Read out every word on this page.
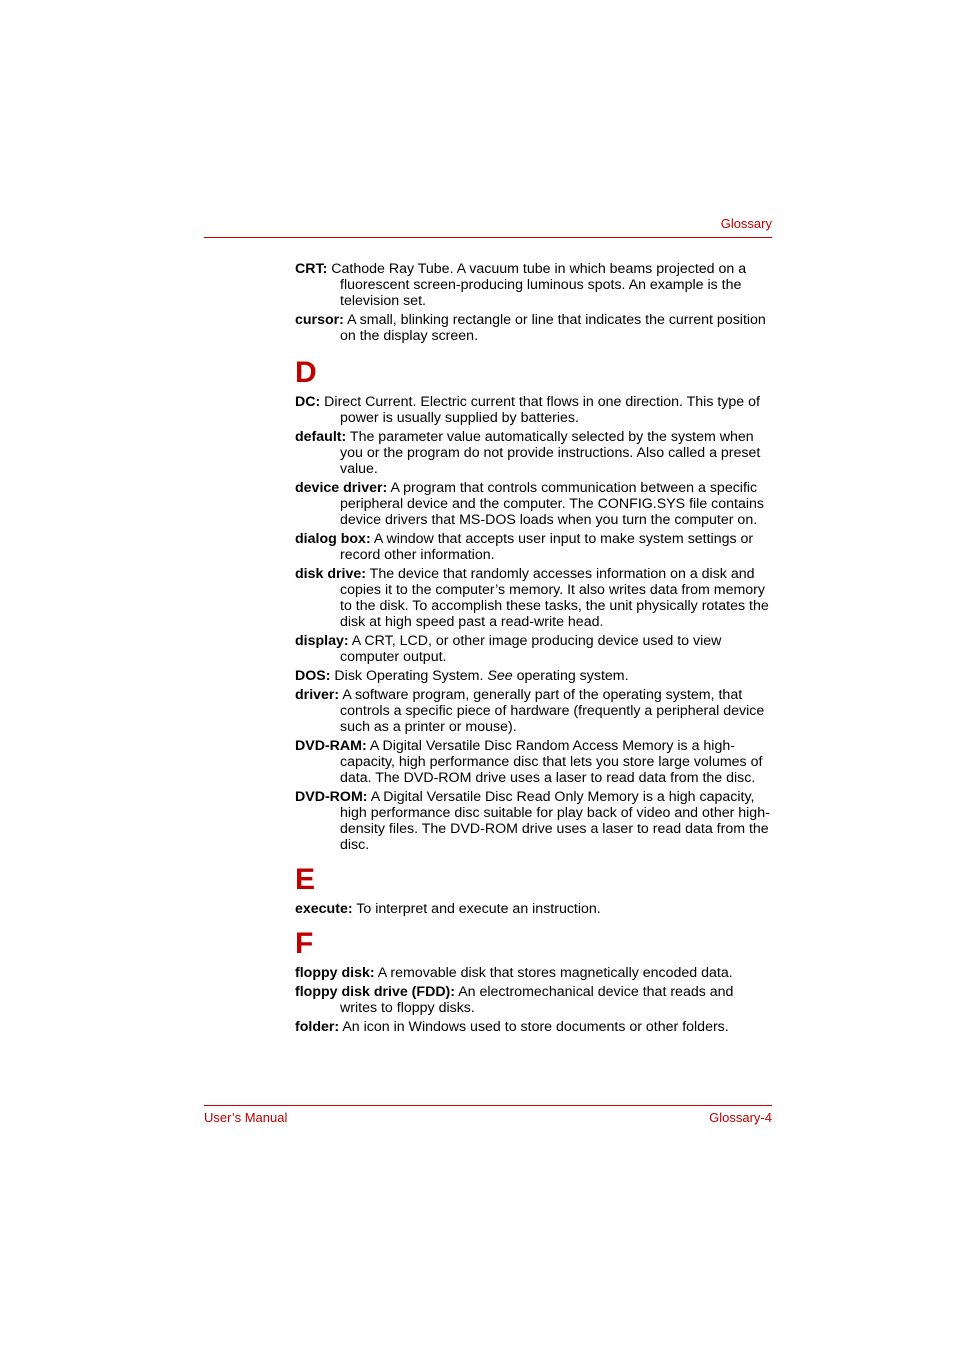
Glossary

CRT: Cathode Ray Tube. A vacuum tube in which beams projected on a fluorescent screen-producing luminous spots. An example is the television set.

cursor: A small, blinking rectangle or line that indicates the current position on the display screen.

D

DC: Direct Current. Electric current that flows in one direction. This type of power is usually supplied by batteries.

default: The parameter value automatically selected by the system when you or the program do not provide instructions. Also called a preset value.

device driver: A program that controls communication between a specific peripheral device and the computer. The CONFIG.SYS file contains device drivers that MS-DOS loads when you turn the computer on.

dialog box: A window that accepts user input to make system settings or record other information.

disk drive: The device that randomly accesses information on a disk and copies it to the computer’s memory. It also writes data from memory to the disk. To accomplish these tasks, the unit physically rotates the disk at high speed past a read-write head.

display: A CRT, LCD, or other image producing device used to view computer output.

DOS: Disk Operating System. See operating system.

driver: A software program, generally part of the operating system, that controls a specific piece of hardware (frequently a peripheral device such as a printer or mouse).

DVD-RAM: A Digital Versatile Disc Random Access Memory is a high-capacity, high performance disc that lets you store large volumes of data. The DVD-ROM drive uses a laser to read data from the disc.

DVD-ROM: A Digital Versatile Disc Read Only Memory is a high capacity, high performance disc suitable for play back of video and other high-density files. The DVD-ROM drive uses a laser to read data from the disc.

E

execute: To interpret and execute an instruction.

F

floppy disk: A removable disk that stores magnetically encoded data.

floppy disk drive (FDD): An electromechanical device that reads and writes to floppy disks.

folder: An icon in Windows used to store documents or other folders.

User’s Manual	Glossary-4
